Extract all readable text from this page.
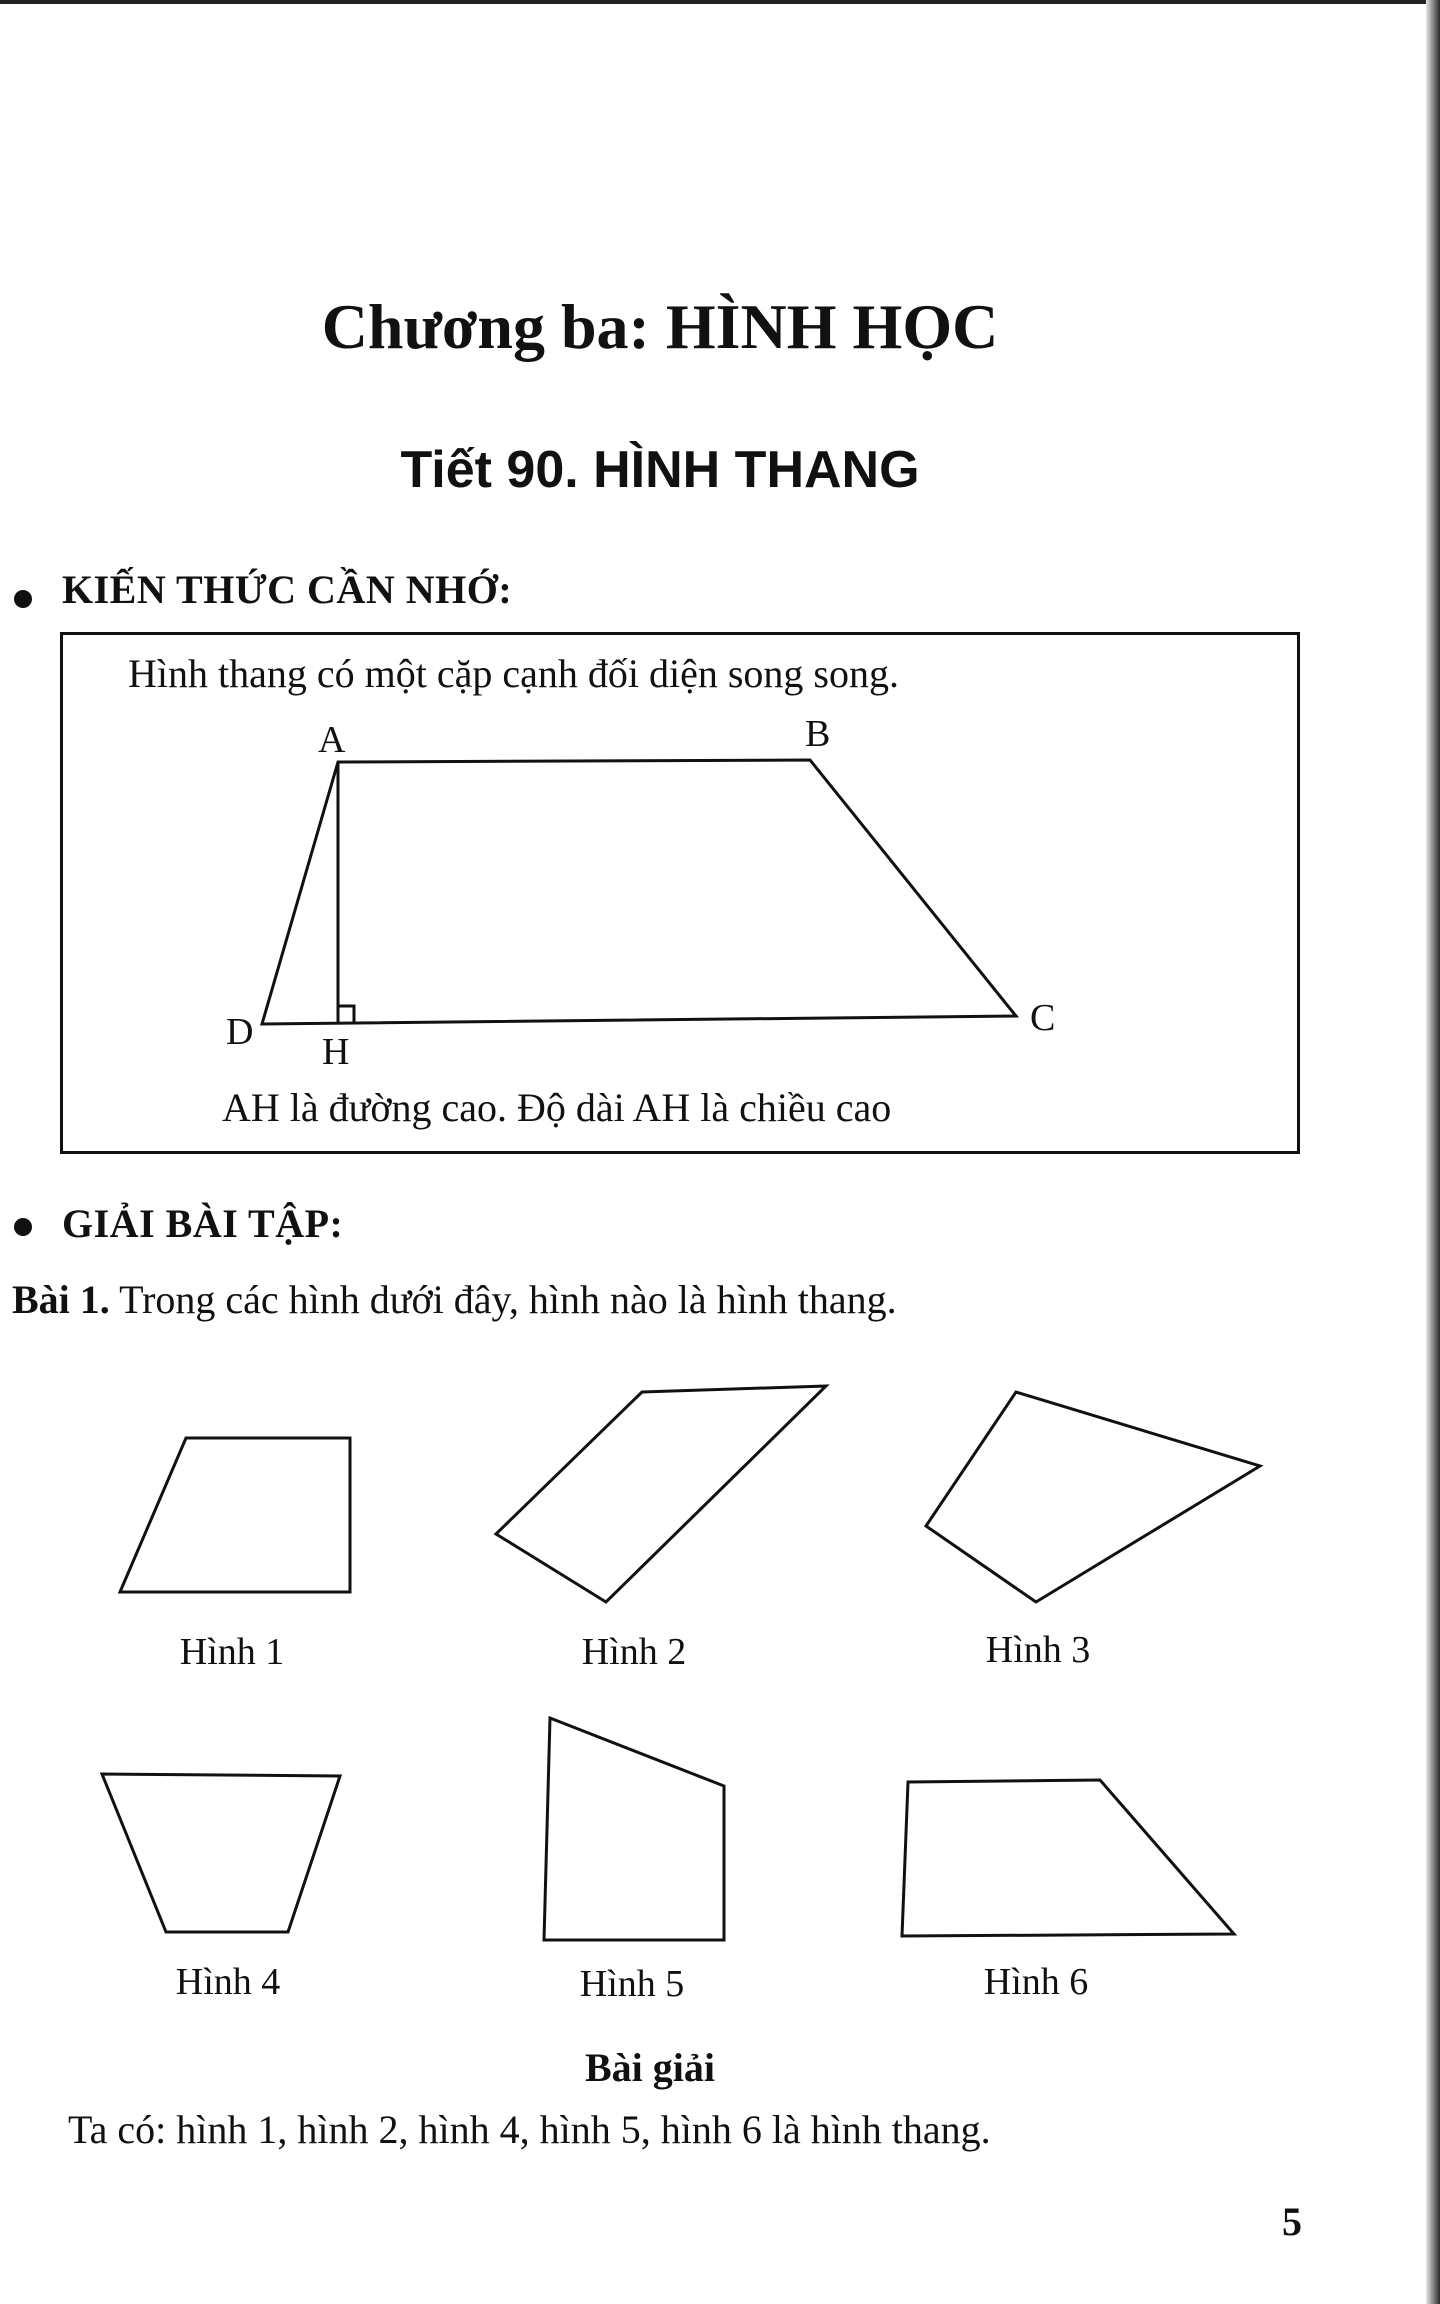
Chương ba: HÌNH HỌC
Tiết 90. HÌNH THANG
KIẾN THỨC CẦN NHỚ:
Hình thang có một cặp cạnh đối diện song song.
A	B
C
D H
AH là đường cao. Độ dài AH là chiều cao
GIẢI BÀI TẬP:
Bài 1. Trong các hình dưới đây, hình nào là hình thang.
Hình 1	Hình 2	Hình 3
Hình 4	Hình 5	Hình 6
Bài giải
Ta có: hình 1, hình 2, hình 4, hình 5, hình 6 là hình thang.
5
